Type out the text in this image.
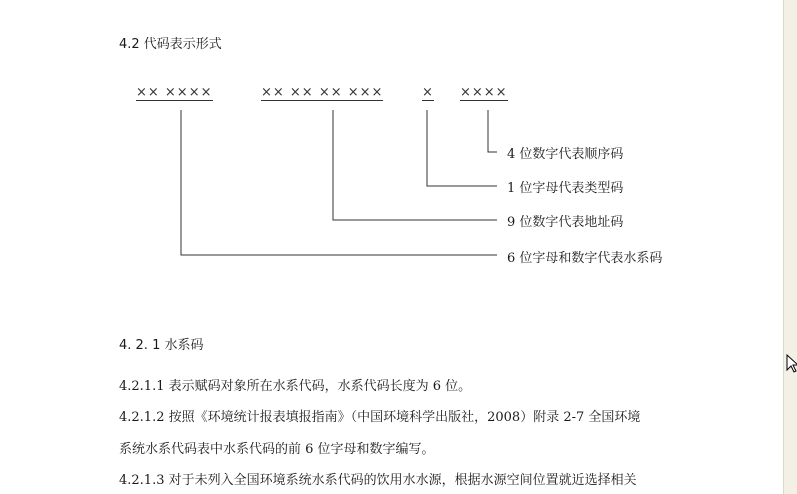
4.2 代码表示形式
×× ××××	×× ×× ×× ×××	× ××××
4 位数字代表顺序码
1 位字母代表类型码
9 位数字代表地址码
6 位字母和数字代表水系码
4. 2. 1 水系码
4.2.1.1 表示赋码对象所在水系代码，水系代码长度为 6 位。
4.2.1.2 按照《环境统计报表填报指南》（中国环境科学出版社，2008）附录 2-7 全国环境
系统水系代码表中水系代码的前 6 位字母和数字编写。
4.2.1.3 对于未列入全国环境系统水系代码的饮用水水源，根据水源空间位置就近选择相关
